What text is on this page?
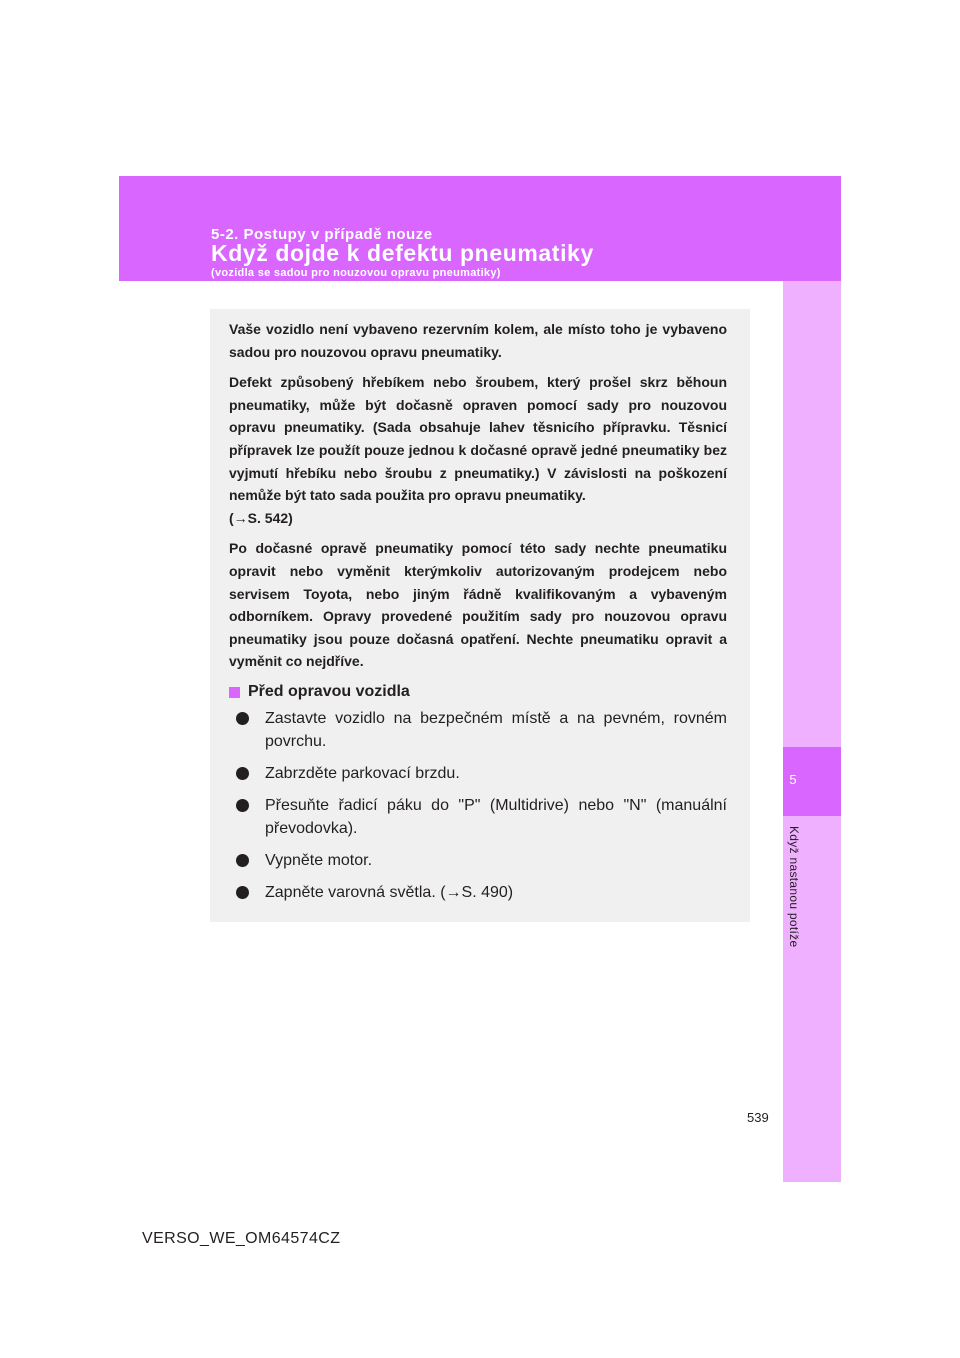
5-2. Postupy v případě nouze
Když dojde k defektu pneumatiky
(vozidla se sadou pro nouzovou opravu pneumatiky)
5
Když nastanou potíže

Vaše vozidlo není vybaveno rezervním kolem, ale místo toho je vybaveno sadou pro nouzovou opravu pneumatiky.

Defekt způsobený hřebíkem nebo šroubem, který prošel skrz běhoun pneumatiky, může být dočasně opraven pomocí sady pro nouzovou opravu pneumatiky. (Sada obsahuje lahev těsnicího přípravku. Těsnicí přípravek lze použít pouze jednou k dočasné opravě jedné pneumatiky bez vyjmutí hřebíku nebo šroubu z pneumatiky.) V závislosti na poškození nemůže být tato sada použita pro opravu pneumatiky.
(→S. 542)

Po dočasné opravě pneumatiky pomocí této sady nechte pneumatiku opravit nebo vyměnit kterýmkoliv autorizovaným prodejcem nebo servisem Toyota, nebo jiným řádně kvalifikovaným a vybaveným odborníkem. Opravy provedené použitím sady pro nouzovou opravu pneumatiky jsou pouze dočasná opatření. Nechte pneumatiku opravit a vyměnit co nejdříve.

Před opravou vozidla
Zastavte vozidlo na bezpečném místě a na pevném, rovném povrchu.
Zabrzděte parkovací brzdu.
Přesuňte řadicí páku do "P" (Multidrive) nebo "N" (manuální převodovka).
Vypněte motor.
Zapněte varovná světla. (→S. 490)
539
VERSO_WE_OM64574CZ
